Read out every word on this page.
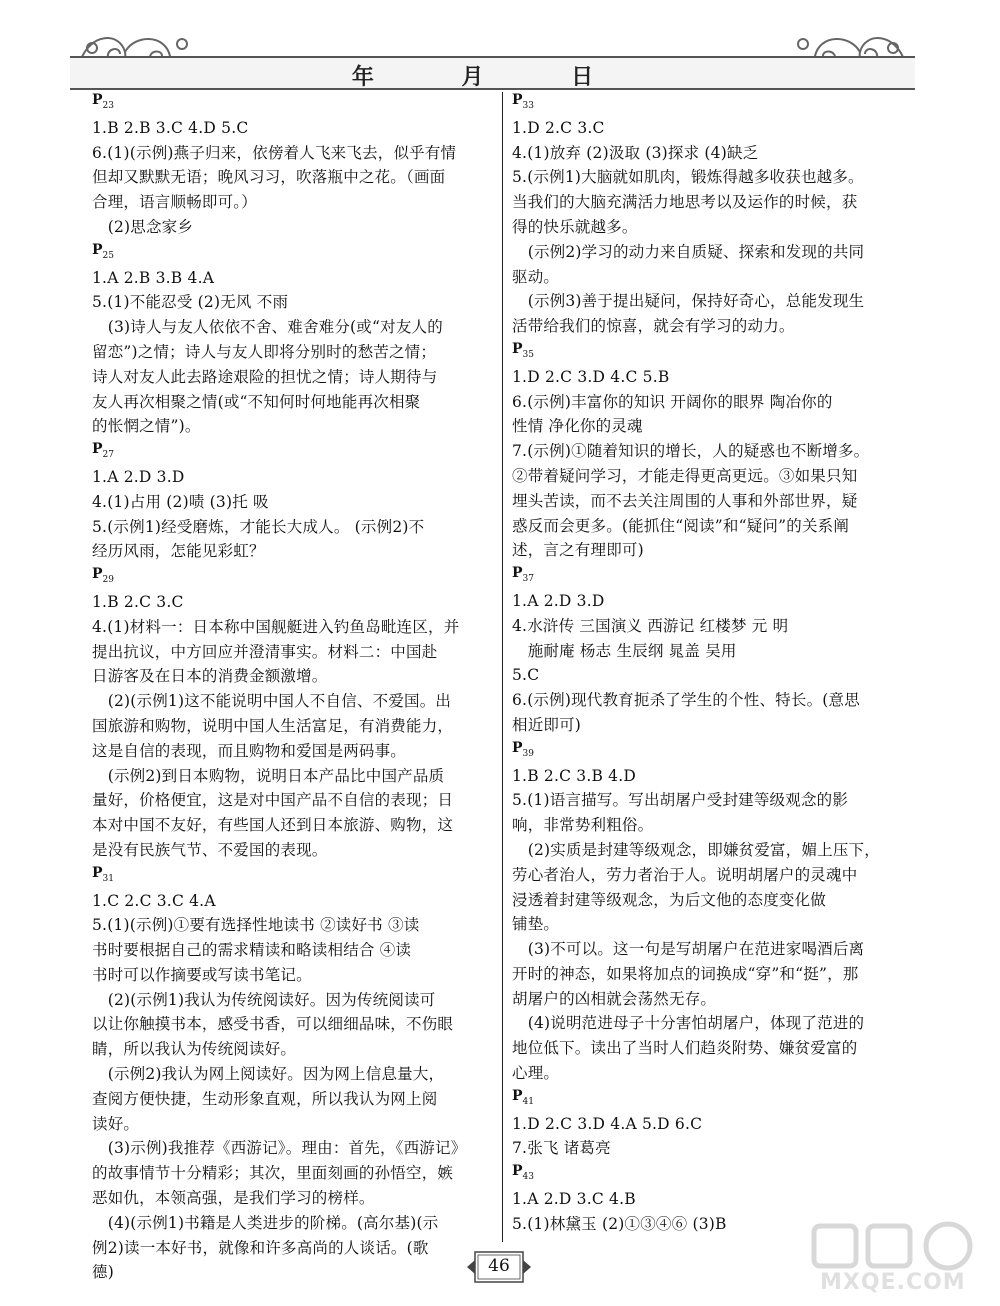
年 月 日
$P_{23}$
1.B 2.B 3.C 4.D 5.C
6.(1)(示例)燕子归来，依傍着人飞来飞去，似乎有情
但却又默默无语；晚风习习，吹落瓶中之花。（画面
合理，语言顺畅即可。）
　(2)思念家乡
$P_{25}$
1.A 2.B 3.B 4.A
5.(1)不能忍受 (2)无风 不雨
　(3)诗人与友人依依不舍、难舍难分(或“对友人的
留恋”)之情；诗人与友人即将分别时的愁苦之情；
诗人对友人此去路途艰险的担忧之情；诗人期待与
友人再次相聚之情(或“不知何时何地能再次相聚
的怅惘之情”)。
$P_{27}$
1.A 2.D 3.D
4.(1)占用 (2)啧 (3)托 吸
5.(示例1)经受磨炼，才能长大成人。 (示例2)不
经历风雨，怎能见彩虹？
$P_{29}$
1.B 2.C 3.C
4.(1)材料一：日本称中国舰艇进入钓鱼岛毗连区，并
提出抗议，中方回应并澄清事实。材料二：中国赴
日游客及在日本的消费金额激增。
　(2)(示例1)这不能说明中国人不自信、不爱国。出
国旅游和购物，说明中国人生活富足，有消费能力，
这是自信的表现，而且购物和爱国是两码事。
　(示例2)到日本购物，说明日本产品比中国产品质
量好，价格便宜，这是对中国产品不自信的表现；日
本对中国不友好，有些国人还到日本旅游、购物，这
是没有民族气节、不爱国的表现。
$P_{31}$
1.C 2.C 3.C 4.A
5.(1)(示例)①要有选择性地读书 ②读好书 ③读
书时要根据自己的需求精读和略读相结合 ④读
书时可以作摘要或写读书笔记。
　(2)(示例1)我认为传统阅读好。因为传统阅读可
以让你触摸书本，感受书香，可以细细品味，不伤眼
睛，所以我认为传统阅读好。
　(示例2)我认为网上阅读好。因为网上信息量大，
查阅方便快捷，生动形象直观，所以我认为网上阅
读好。
　(3)示例)我推荐《西游记》。理由：首先，《西游记》
的故事情节十分精彩；其次，里面刻画的孙悟空，嫉
恶如仇，本领高强，是我们学习的榜样。
　(4)(示例1)书籍是人类进步的阶梯。(高尔基)(示
例2)读一本好书，就像和许多高尚的人谈话。(歌
德)
$P_{33}$
1.D 2.C 3.C
4.(1)放弃 (2)汲取 (3)探求 (4)缺乏
5.(示例1)大脑就如肌肉，锻炼得越多收获也越多。
当我们的大脑充满活力地思考以及运作的时候，获
得的快乐就越多。
　(示例2)学习的动力来自质疑、探索和发现的共同
驱动。
　(示例3)善于提出疑问，保持好奇心，总能发现生
活带给我们的惊喜，就会有学习的动力。
$P_{35}$
1.D 2.C 3.D 4.C 5.B
6.(示例)丰富你的知识 开阔你的眼界 陶冶你的
性情 净化你的灵魂
7.(示例)①随着知识的增长，人的疑惑也不断增多。
②带着疑问学习，才能走得更高更远。③如果只知
埋头苦读，而不去关注周围的人事和外部世界，疑
惑反而会更多。(能抓住“阅读”和“疑问”的关系阐
述，言之有理即可)
$P_{37}$
1.A 2.D 3.D
4.水浒传 三国演义 西游记 红楼梦 元 明
　施耐庵 杨志 生辰纲 晁盖 吴用
5.C
6.(示例)现代教育扼杀了学生的个性、特长。(意思
相近即可)
$P_{39}$
1.B 2.C 3.B 4.D
5.(1)语言描写。写出胡屠户受封建等级观念的影
响，非常势利粗俗。
　(2)实质是封建等级观念，即嫌贫爱富，媚上压下，
劳心者治人，劳力者治于人。说明胡屠户的灵魂中
浸透着封建等级观念，为后文他的态度变化做
铺垫。
　(3)不可以。这一句是写胡屠户在范进家喝酒后离
开时的神态，如果将加点的词换成“穿”和“挺”，那
胡屠户的凶相就会荡然无存。
　(4)说明范进母子十分害怕胡屠户，体现了范进的
地位低下。读出了当时人们趋炎附势、嫌贫爱富的
心理。
$P_{41}$
1.D 2.C 3.D 4.A 5.D 6.C
7.张飞 诸葛亮
$P_{43}$
1.A 2.D 3.C 4.B
5.(1)林黛玉 (2)①③④⑥ (3)B
46
MXQE.COM
